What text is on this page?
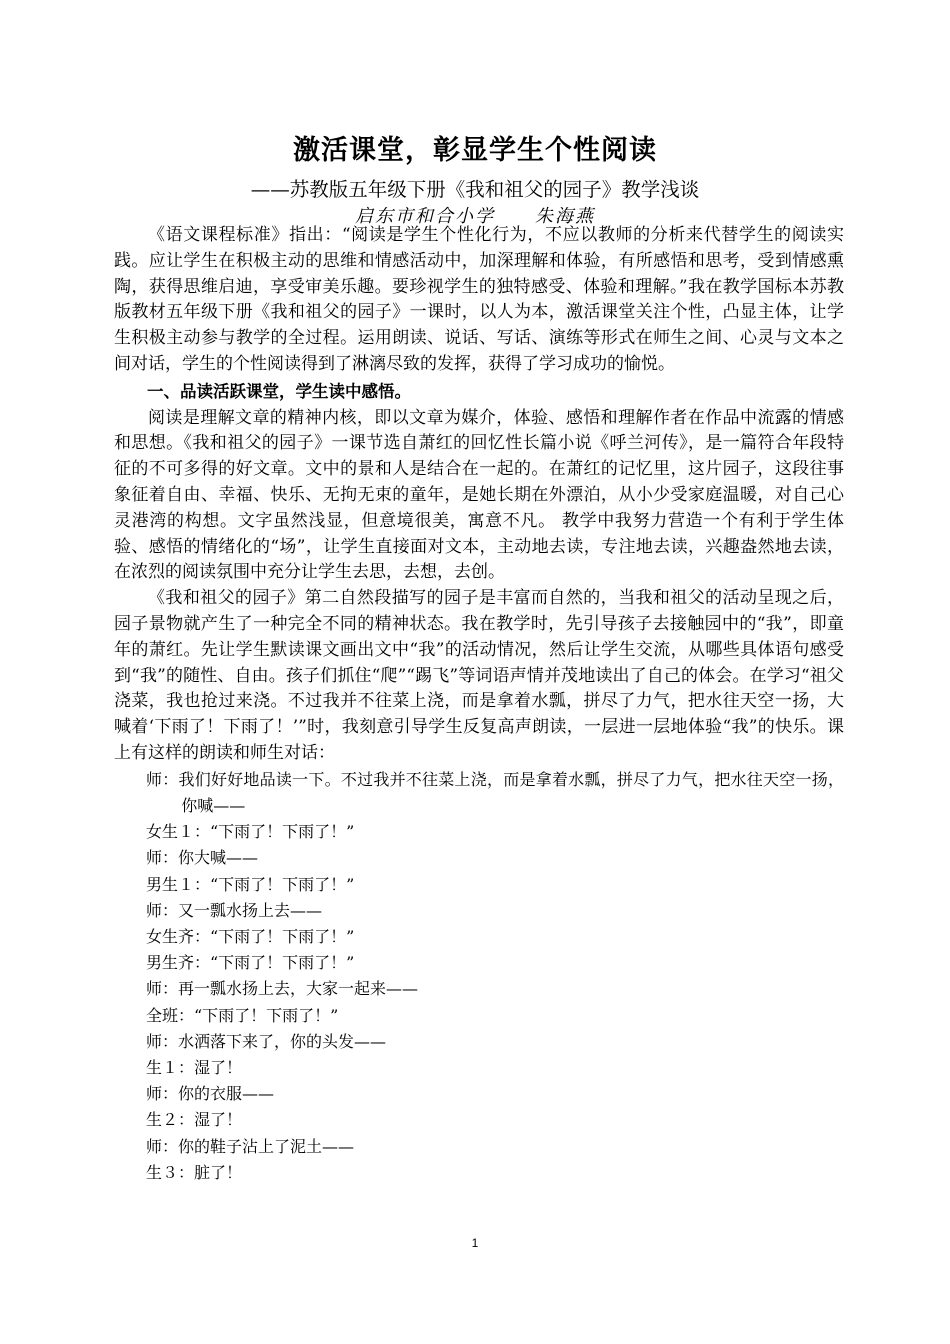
激活课堂，彰显学生个性阅读
——苏教版五年级下册《我和祖父的园子》教学浅谈
启东市和合小学　　朱海燕

《语文课程标准》指出：“阅读是学生个性化行为，不应以教师的分析来代替学生的阅读实践。应让学生在积极主动的思维和情感活动中，加深理解和体验，有所感悟和思考，受到情感熏陶，获得思维启迪，享受审美乐趣。要珍视学生的独特感受、体验和理解。”我在教学国标本苏教版教材五年级下册《我和祖父的园子》一课时，以人为本，激活课堂关注个性，凸显主体，让学生积极主动参与教学的全过程。运用朗读、说话、写话、演练等形式在师生之间、心灵与文本之间对话，学生的个性阅读得到了淋漓尽致的发挥，获得了学习成功的愉悦。

一、品读活跃课堂，学生读中感悟。

阅读是理解文章的精神内核，即以文章为媒介，体验、感悟和理解作者在作品中流露的情感和思想。《我和祖父的园子》一课节选自萧红的回忆性长篇小说《呼兰河传》，是一篇符合年段特征的不可多得的好文章。文中的景和人是结合在一起的。在萧红的记忆里，这片园子，这段往事象征着自由、幸福、快乐、无拘无束的童年，是她长期在外漂泊，从小少受家庭温暖，对自己心灵港湾的构想。文字虽然浅显，但意境很美，寓意不凡。 教学中我努力营造一个有利于学生体验、感悟的情绪化的“场”，让学生直接面对文本，主动地去读，专注地去读，兴趣盎然地去读，在浓烈的阅读氛围中充分让学生去思，去想，去创。

《我和祖父的园子》第二自然段描写的园子是丰富而自然的，当我和祖父的活动呈现之后，园子景物就产生了一种完全不同的精神状态。我在教学时，先引导孩子去接触园中的“我”，即童年的萧红。先让学生默读课文画出文中“我”的活动情况，然后让学生交流，从哪些具体语句感受到“我”的随性、自由。孩子们抓住“爬”“踢飞”等词语声情并茂地读出了自己的体会。在学习“祖父浇菜，我也抢过来浇。不过我并不往菜上浇，而是拿着水瓢，拼尽了力气，把水往天空一扬，大喊着‘下雨了！下雨了！’”时，我刻意引导学生反复高声朗读，一层进一层地体验“我”的快乐。课上有这样的朗读和师生对话：

师：我们好好地品读一下。不过我并不往菜上浇，而是拿着水瓢，拼尽了力气，把水往天空一扬，你喊——
女生１：“下雨了！下雨了！”
师：你大喊——
男生１：“下雨了！下雨了！”
师：又一瓢水扬上去——
女生齐：“下雨了！下雨了！”
男生齐：“下雨了！下雨了！”
师：再一瓢水扬上去，大家一起来——
全班：“下雨了！下雨了！”
师：水洒落下来了，你的头发——
生１：湿了！
师：你的衣服——
生２：湿了！
师：你的鞋子沾上了泥土——
生３：脏了！
1
